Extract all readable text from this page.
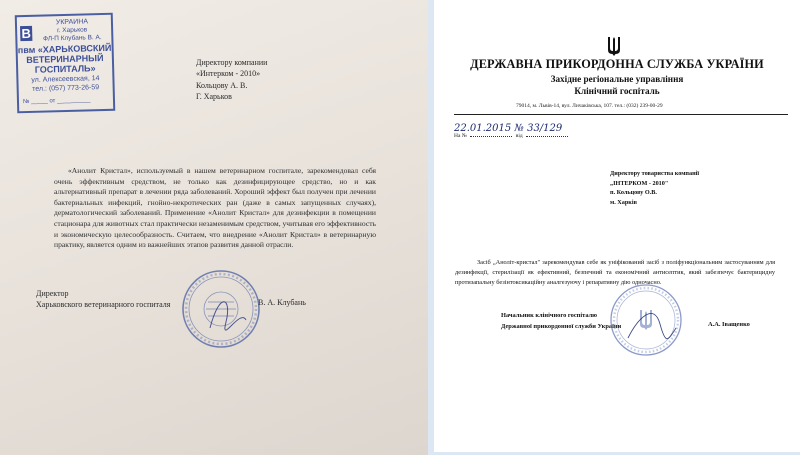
В
УКРАИНА
г. Харьков
ФЛ-П Клубань В. А.
пвм «ХАРЬКОВСКИЙ
ВЕТЕРИНАРНЫЙ
ГОСПИТАЛЬ»
ул. Алексеевская, 14
тел.: (057) 773-26-59
№ _____ от __________
Директору компании
«Интерком - 2010»
Кольцову А. В.
Г. Харьков

«Анолит Кристал», используемый в нашем ветеринарном госпитале, зарекомендовал себя очень эффективным средством, не только как дезинфицирующее средство, но и как альтернативный препарат в лечении ряда заболеваний. Хороший эффект был получен при лечении бактериальных инфекций, гнойно-некротических ран (даже в самых запущенных случаях), дерматологический заболеваний. Применение «Анолит Кристал» для дезинфекции в помещении стационара для животных стал практически незаменимым средством, учитывая его эффективность и экономическую целесообразность. Считаем, что внедрение «Анолит Кристал» в ветеринарную практику, является одним из важнейших этапов развития данной отрасли.

Директор
Харьковского ветеринарного госпиталя	В. А. Клубань
ДЕРЖАВНА ПРИКОРДОННА СЛУЖБА УКРАЇНИ
Західне регіональне управління
Клінічний госпіталь
79014, м. Львів-14, вул. Личаківська, 107. тел.: (032) 239-00-29
22.01.2015 № 33/129
На №	від
Директору товариства компанії
„ІНТЕРКОМ - 2010"
п. Кольцову О.В.
м. Харків

Засіб „Аноліт-кристал" зарекомендував себе як уніфікований засіб з поліфункціональним застосуванням для дезинфекції, стерилізації як ефективний, безпечний та економічний антисептик, який забезпечує бактерицидну протизапальну безінтоксикаційну аналгезуючу і репаративну дію одночасно.

Начальник клінічного госпіталю
Державної прикордонної служби України	А.А. Іващенко
